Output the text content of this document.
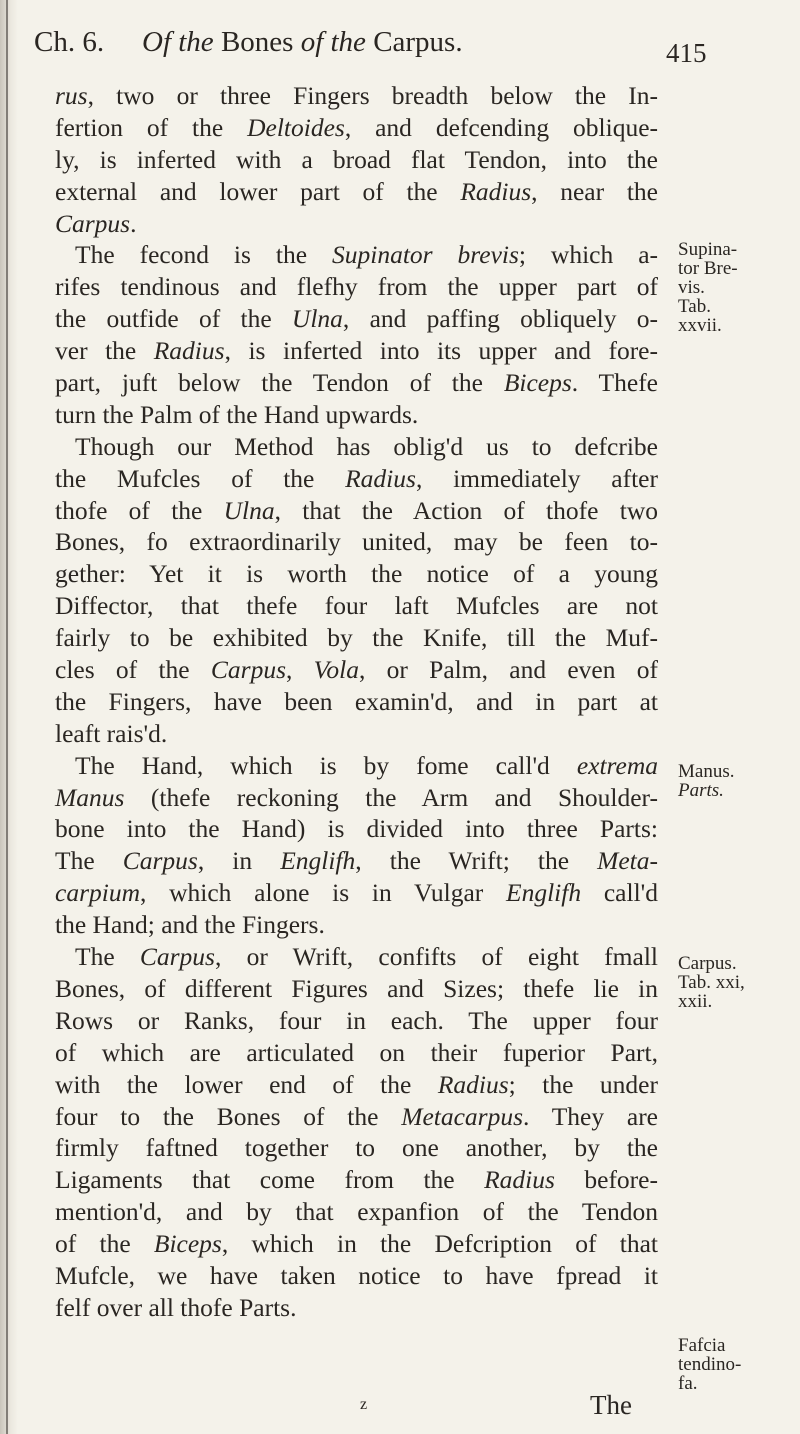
Ch. 6. Of the Bones of the Carpus.	415
rus, two or three Fingers breadth below the In-
fertion of the Deltoides, and defcending oblique-
ly, is inferted with a broad flat Tendon, into the
external and lower part of the Radius, near the
Carpus.
The fecond is the Supinator brevis; which a-
rifes tendinous and flefhy from the upper part of
the outfide of the Ulna, and paffing obliquely o-
ver the Radius, is inferted into its upper and fore-
part, juft below the Tendon of the Biceps. Thefe
turn the Palm of the Hand upwards.
Though our Method has oblig'd us to defcribe
the Mufcles of the Radius, immediately after
thofe of the Ulna, that the Action of thofe two
Bones, fo extraordinarily united, may be feen to-
gether: Yet it is worth the notice of a young
Diffector, that thefe four laft Mufcles are not
fairly to be exhibited by the Knife, till the Muf-
cles of the Carpus, Vola, or Palm, and even of
the Fingers, have been examin'd, and in part at
leaft rais'd.
The Hand, which is by fome call'd extrema
Manus (thefe reckoning the Arm and Shoulder-
bone into the Hand) is divided into three Parts:
The Carpus, in Englifh, the Wrift; the Meta-
carpium, which alone is in Vulgar Englifh call'd
the Hand; and the Fingers.
The Carpus, or Wrift, confifts of eight fmall
Bones, of different Figures and Sizes; thefe lie in
Rows or Ranks, four in each. The upper four
of which are articulated on their fuperior Part,
with the lower end of the Radius; the under
four to the Bones of the Metacarpus. They are
firmly faftned together to one another, by the
Ligaments that come from the Radius before-
mention'd, and by that expanfion of the Tendon
of the Biceps, which in the Defcription of that
Mufcle, we have taken notice to have fpread it
felf over all thofe Parts.
Supina-
tor Bre-
vis.
Tab.
xxvii.
Manus.
Parts.
Carpus.
Tab. xxi,
xxii.
Fafcia
tendino-
fa.
z	The
